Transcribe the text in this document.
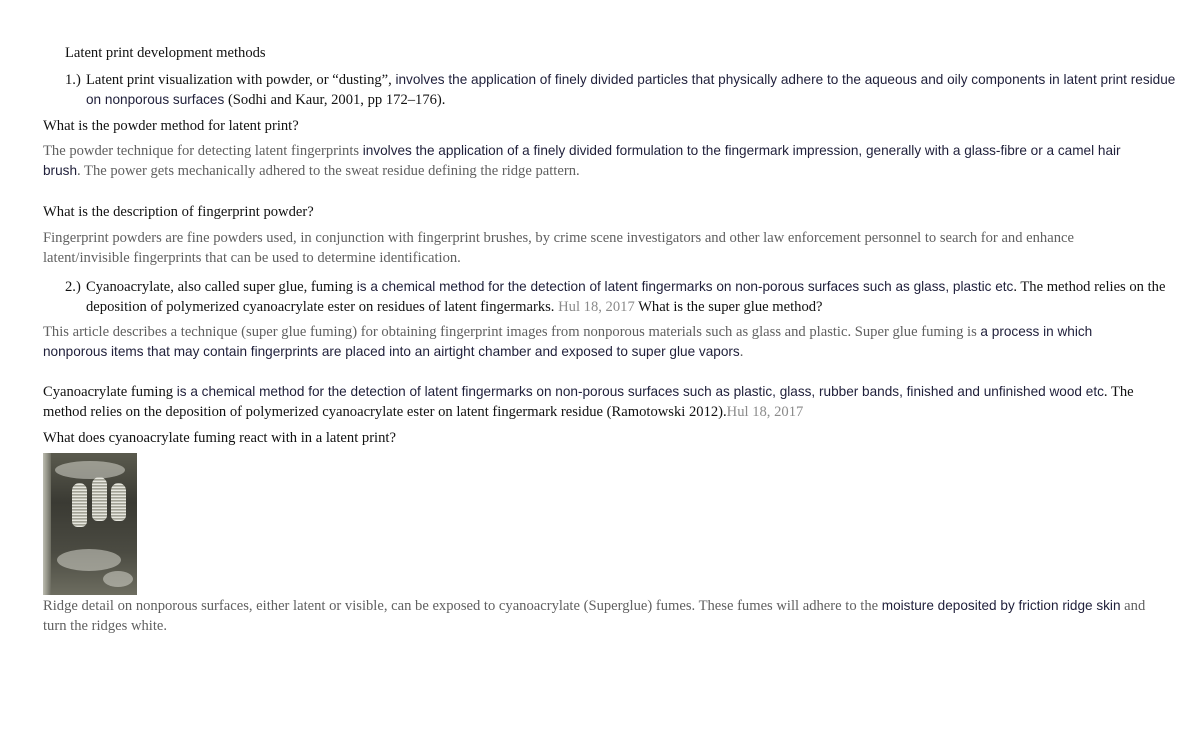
Latent print development methods
1.) Latent print visualization with powder, or “dusting”, involves the application of finely divided particles that physically adhere to the aqueous and oily components in latent print residue on nonporous surfaces (Sodhi and Kaur, 2001, pp 172–176).
What is the powder method for latent print?
The powder technique for detecting latent fingerprints involves the application of a finely divided formulation to the fingermark impression, generally with a glass-fibre or a camel hair brush. The power gets mechanically adhered to the sweat residue defining the ridge pattern.
What is the description of fingerprint powder?
Fingerprint powders are fine powders used, in conjunction with fingerprint brushes, by crime scene investigators and other law enforcement personnel to search for and enhance latent/invisible fingerprints that can be used to determine identification.
2.) Cyanoacrylate, also called super glue, fuming is a chemical method for the detection of latent fingermarks on non-porous surfaces such as glass, plastic etc. The method relies on the deposition of polymerized cyanoacrylate ester on residues of latent fingermarks. Hul 18, 2017 What is the super glue method?
This article describes a technique (super glue fuming) for obtaining fingerprint images from nonporous materials such as glass and plastic. Super glue fuming is a process in which nonporous items that may contain fingerprints are placed into an airtight chamber and exposed to super glue vapors.
Cyanoacrylate fuming is a chemical method for the detection of latent fingermarks on non-porous surfaces such as plastic, glass, rubber bands, finished and unfinished wood etc. The method relies on the deposition of polymerized cyanoacrylate ester on latent fingermark residue (Ramotowski 2012).Hul 18, 2017
What does cyanoacrylate fuming react with in a latent print?
Ridge detail on nonporous surfaces, either latent or visible, can be exposed to cyanoacrylate (Superglue) fumes. These fumes will adhere to the moisture deposited by friction ridge skin and turn the ridges white.
